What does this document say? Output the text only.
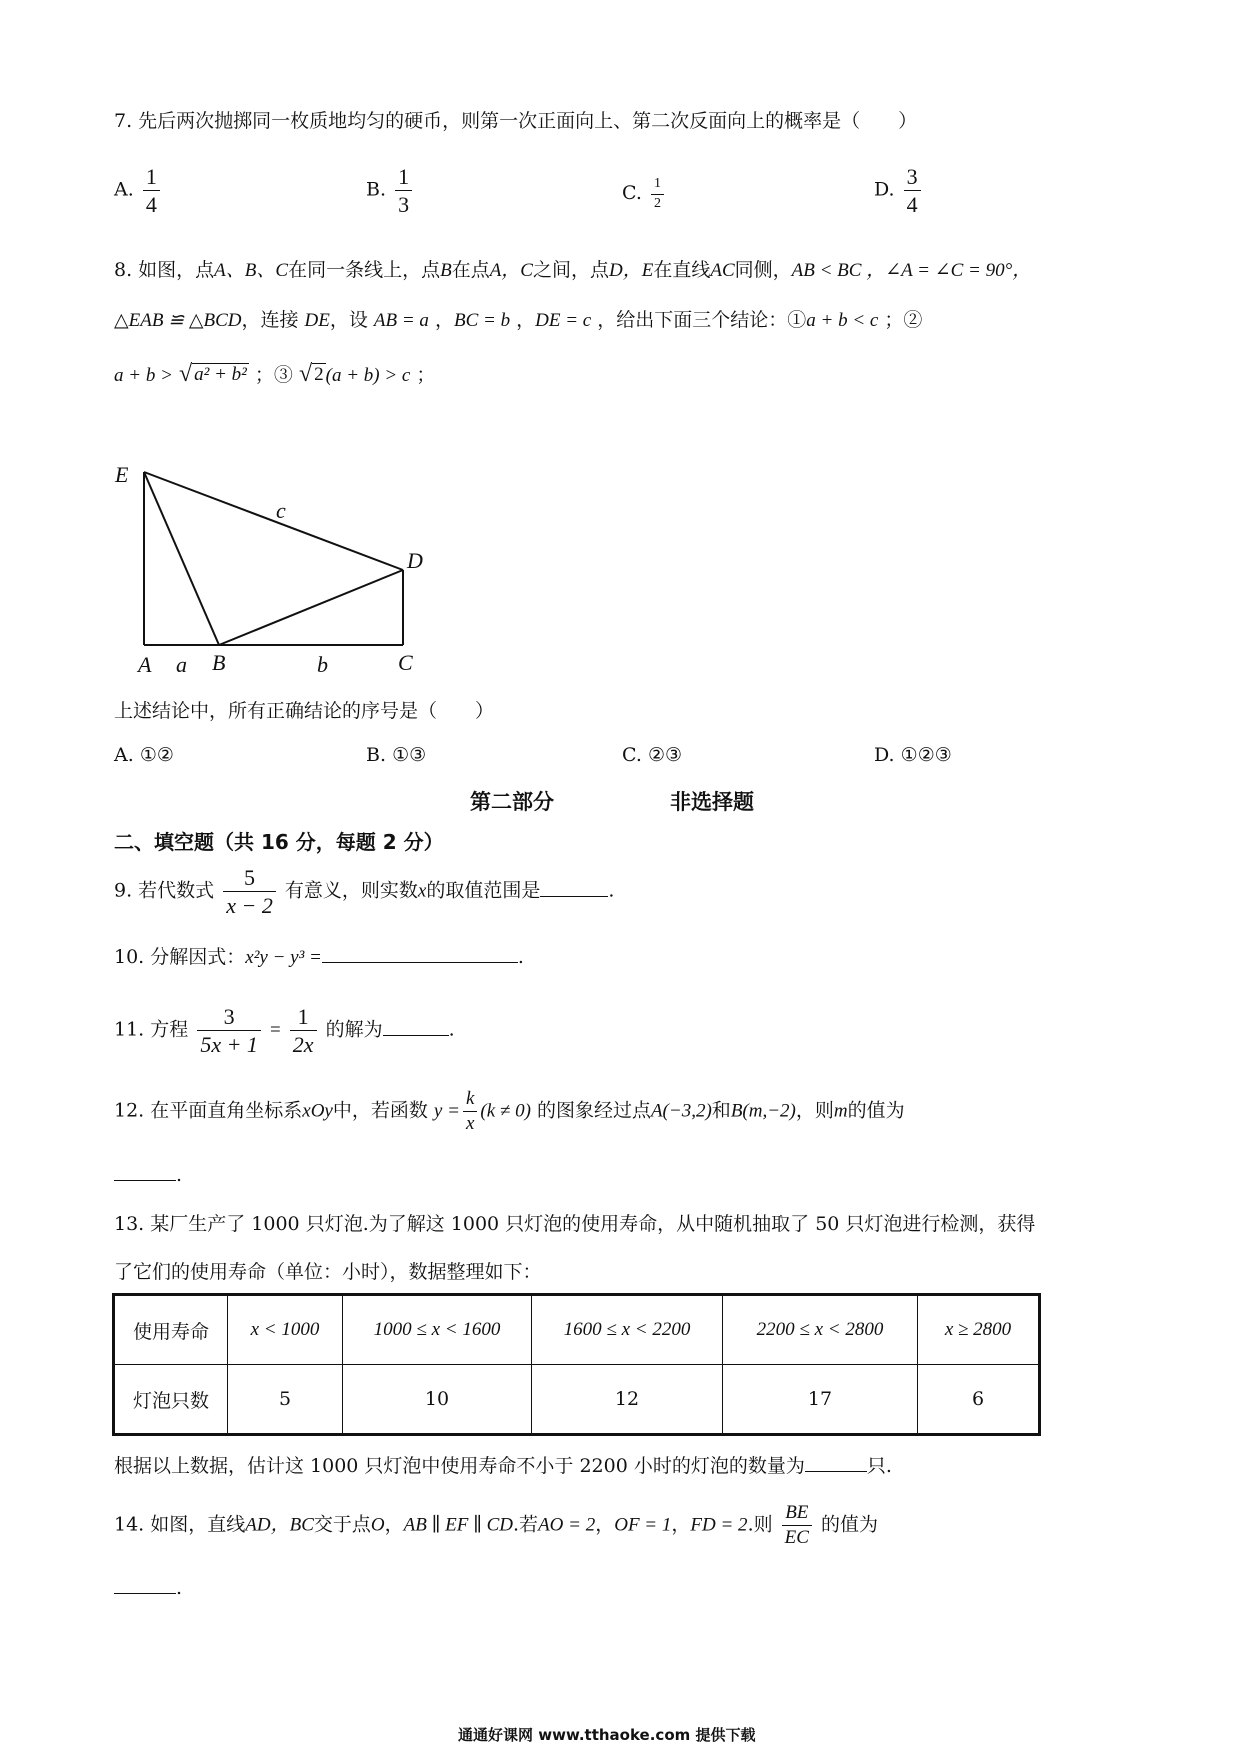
7. 先后两次抛掷同一枚质地均匀的硬币，则第一次正面向上、第二次反面向上的概率是（　　）
A. $\frac{1}{4}$	B. $\frac{1}{3}$	C. $\frac{1}{2}$	D. $\frac{3}{4}$
8. 如图，点A、B、C在同一条线上，点B在点A，C之间，点D，E在直线AC同侧，AB < BC ，∠A = ∠C = 90°，
△EAB ≌ △BCD，连接 DE，设 AB = a ，BC = b ，DE = c ，给出下面三个结论：①a + b < c ；②
a + b > √ a² + b² ；③ √ 2 (a + b) > c ；
E
c
D
A a B	b	C
上述结论中，所有正确结论的序号是（　　）
A. ①②	B. ①③	C. ②③	D. ①②③
第二部分	非选择题
二、填空题（共 16 分，每题 2 分）
9. 若代数式 $\frac{5}{x - 2}$ 有意义，则实数x的取值范围是	.
10. 分解因式：x²y − y³ =	.
11. 方程 $\frac{3}{5x + 1} = \frac{1}{2x}$ 的解为	.
12. 在平面直角坐标系xOy中，若函数 $y = \frac{k}{x} (k \ne 0)$ 的图象经过点A(−3,2)和B(m,−2)，则m的值为
.
13. 某厂生产了 1000 只灯泡.为了解这 1000 只灯泡的使用寿命，从中随机抽取了 50 只灯泡进行检测，获得
了它们的使用寿命（单位：小时），数据整理如下：
使用寿命	x < 1000	1000 ≤ x < 1600	1600 ≤ x < 2200	2200 ≤ x < 2800	x ≥ 2800
灯泡只数	5	10	12	17	6
根据以上数据，估计这 1000 只灯泡中使用寿命不小于 2200 小时的灯泡的数量为	只.
14. 如图，直线AD，BC交于点O，AB ∥ EF ∥ CD.若AO = 2，OF = 1，FD = 2.则 $\frac{BE}{EC}$ 的值为
.
通通好课网 www.tthaoke.com 提供下载
